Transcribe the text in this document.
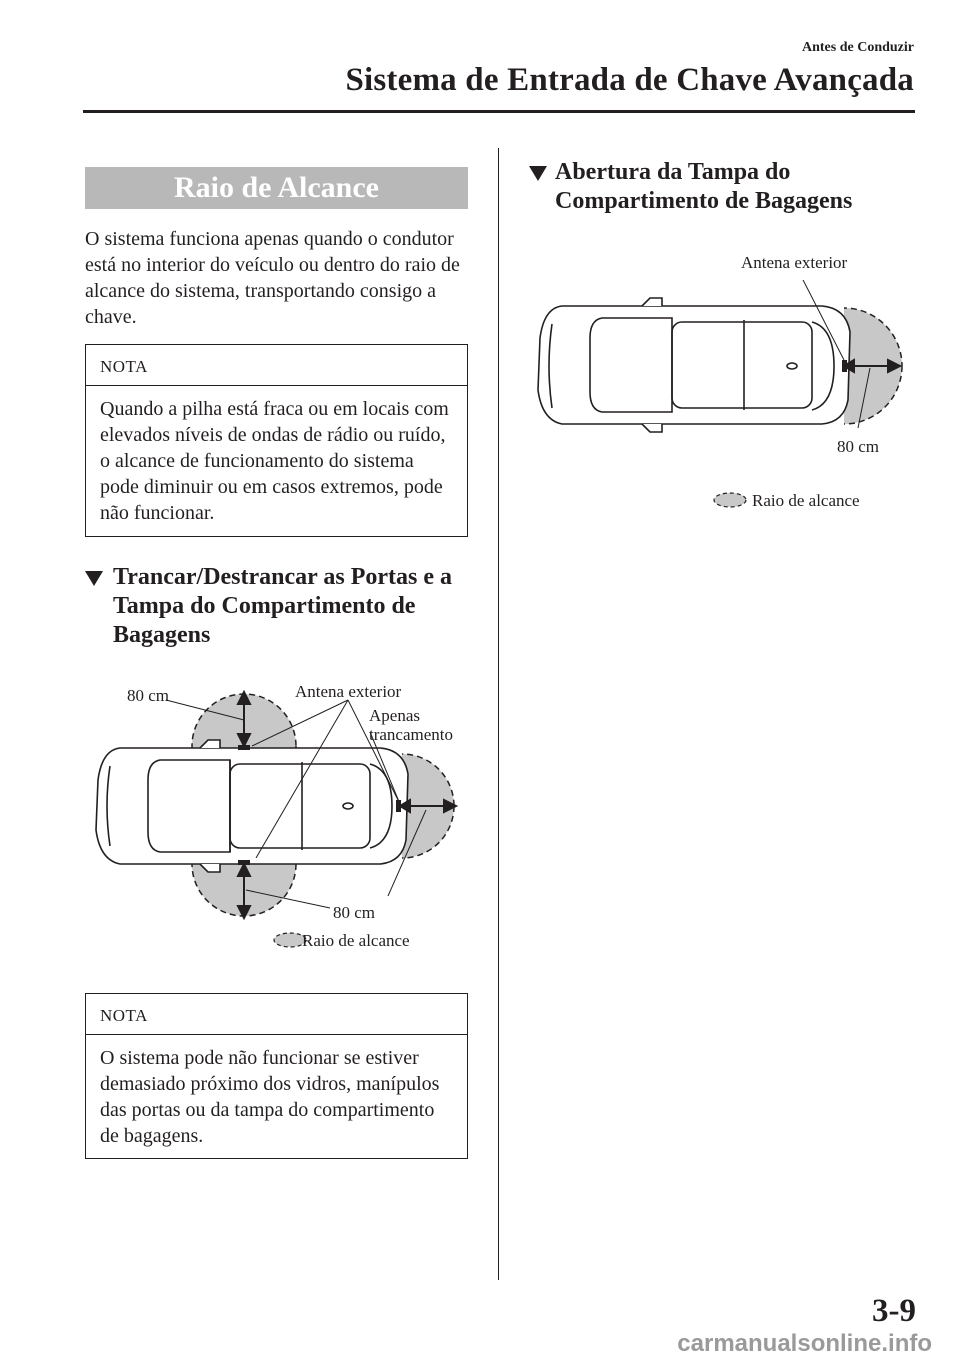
Antes de Conduzir
Sistema de Entrada de Chave Avançada
Raio de Alcance
O sistema funciona apenas quando o condutor está no interior do veículo ou dentro do raio de alcance do sistema, transportando consigo a chave.
NOTA
Quando a pilha está fraca ou em locais com elevados níveis de ondas de rádio ou ruído, o alcance de funcionamento do sistema pode diminuir ou em casos extremos, pode não funcionar.
Trancar/Destrancar as Portas e a Tampa do Compartimento de Bagagens
80 cm	Antena exterior
Apenas
trancamento
80 cm
Raio de alcance
NOTA
O sistema pode não funcionar se estiver demasiado próximo dos vidros, manípulos das portas ou da tampa do compartimento de bagagens.
Abertura da Tampa do Compartimento de Bagagens
Antena exterior
80 cm
Raio de alcance
3-9
carmanualsonline.info
